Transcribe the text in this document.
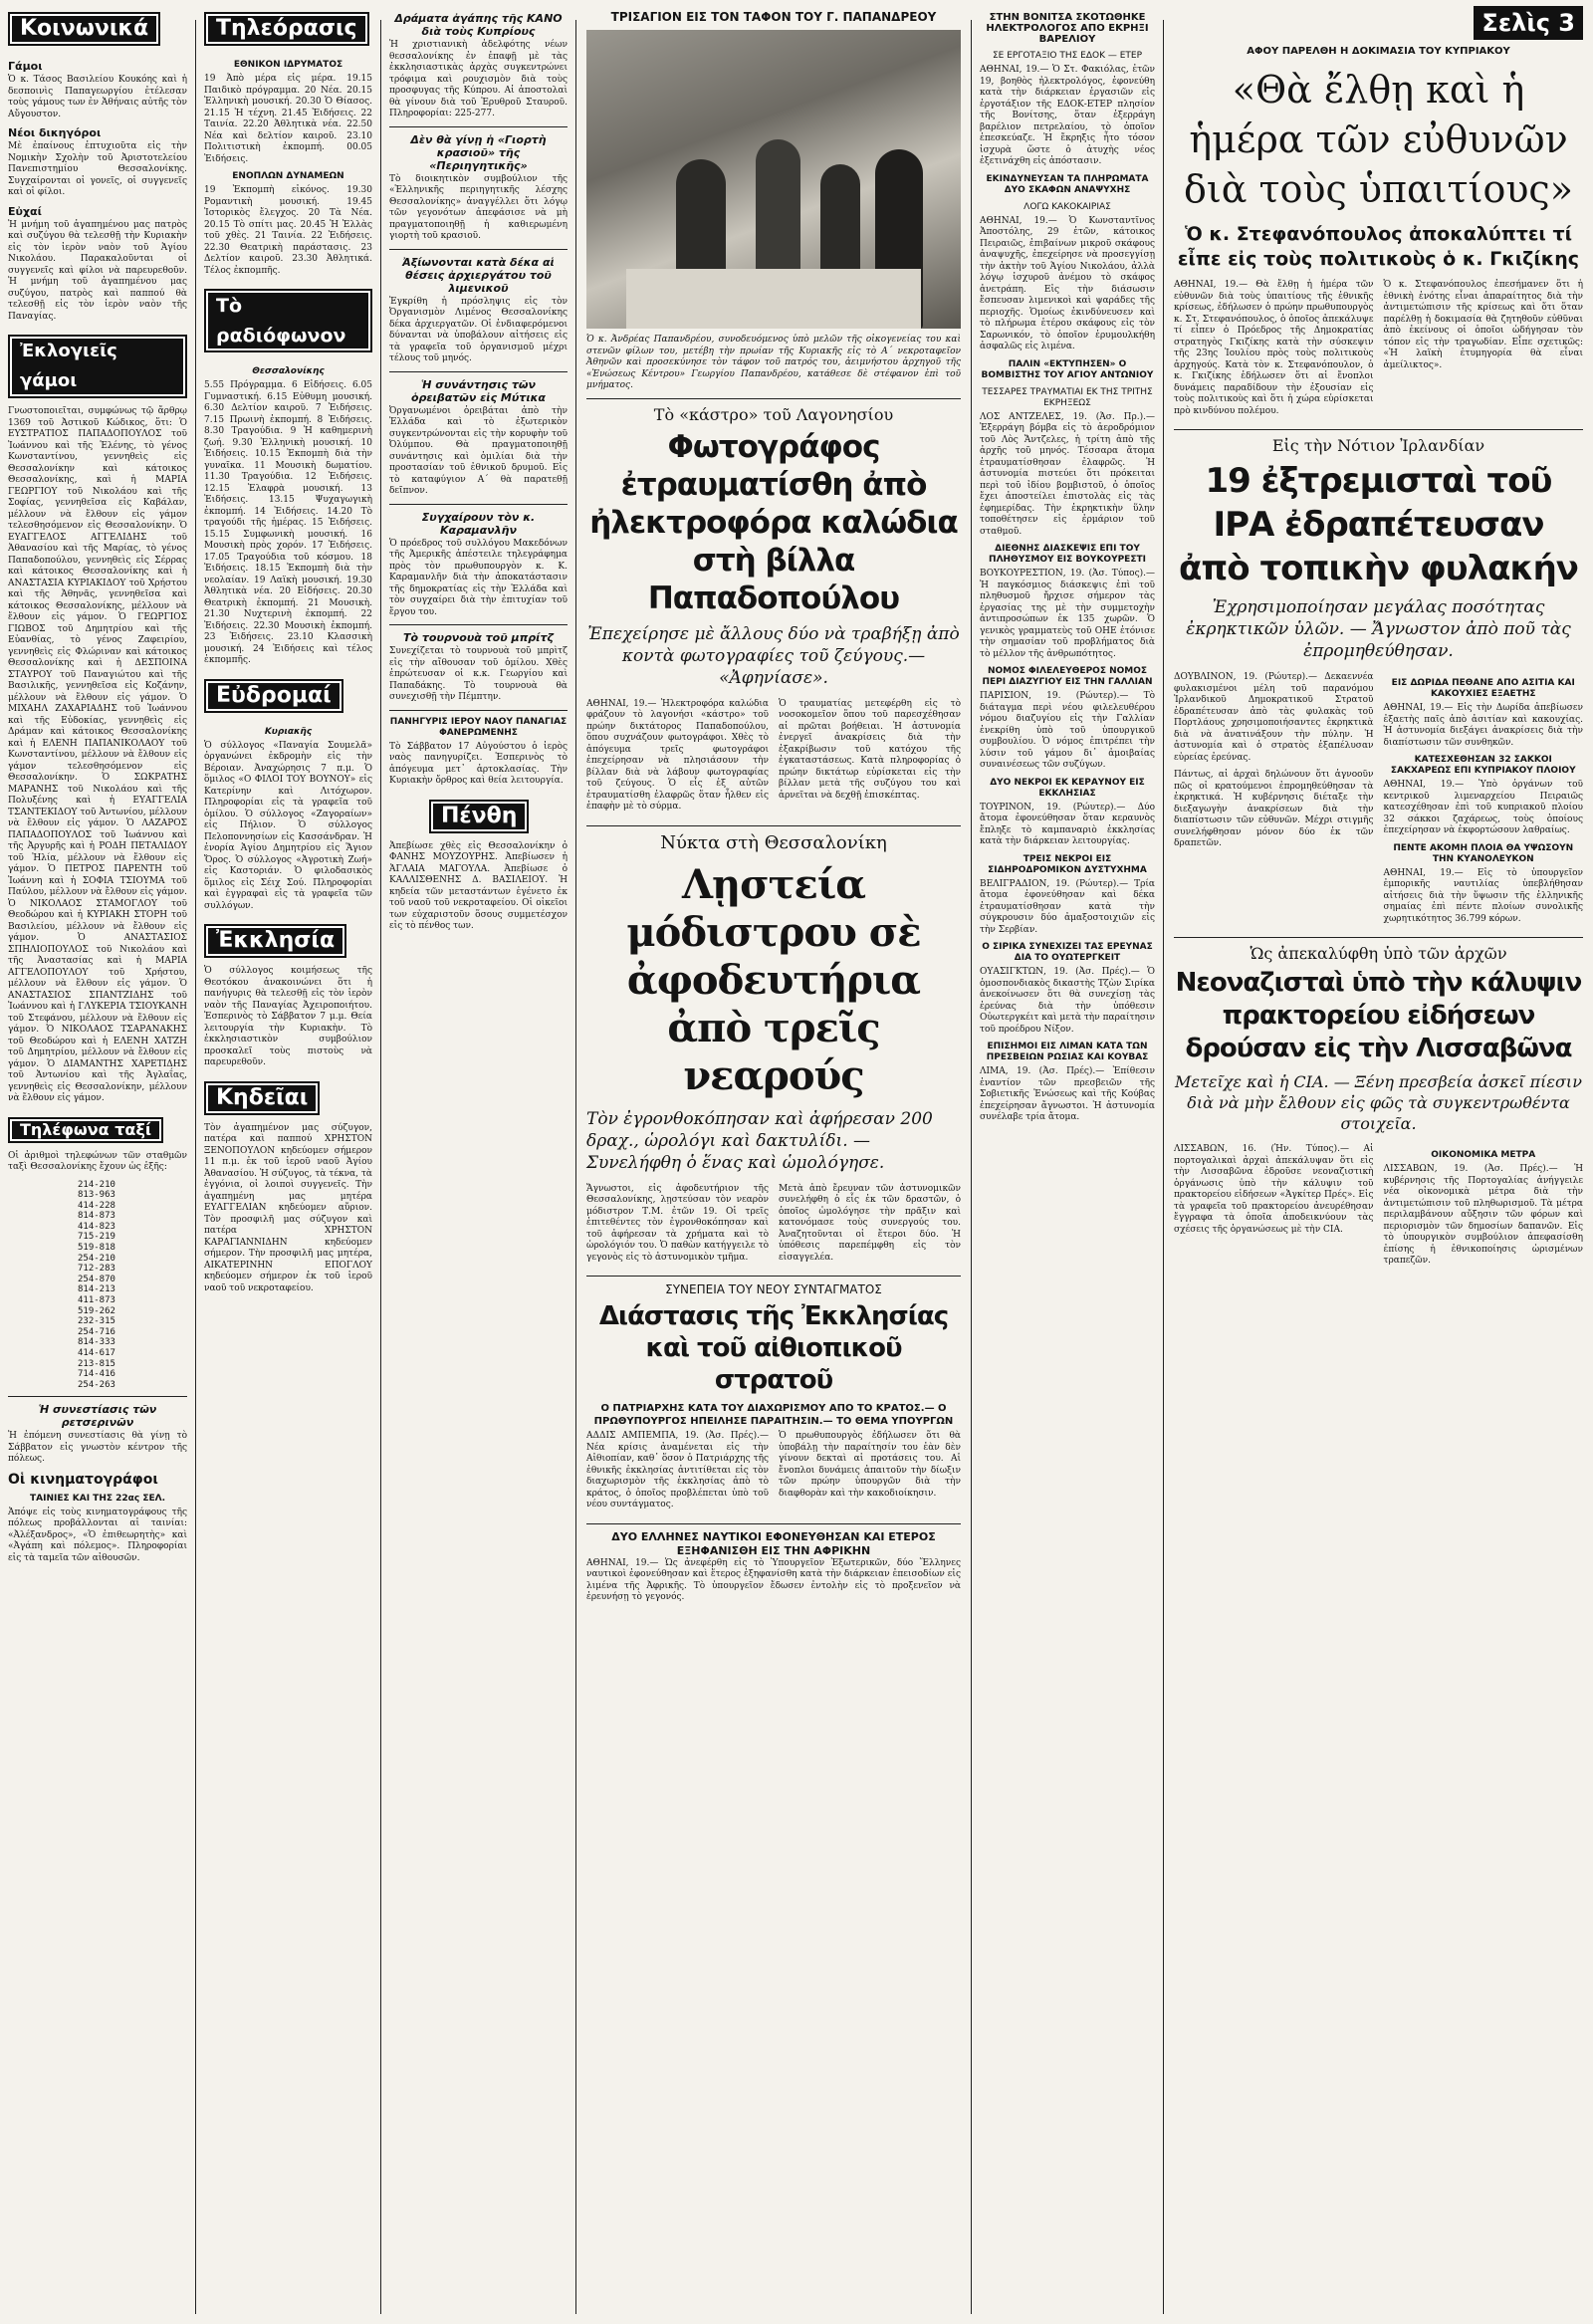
Κοινωνικά
Γάμοι

Ὁ κ. Τάσος Βασιλείου Κουκόης καὶ ἡ δεσποινὶς Παπαγεωργίου ἐτέλεσαν τοὺς γάμους των ἐν Ἀθήναις αὐτῆς τὸν Αὔγουστον.

Νέοι δικηγόροι

Μὲ ἐπαίνους ἐπτυχιοῦτα εἰς τὴν Νομικὴν Σχολὴν τοῦ Ἀριστοτελείου Πανεπιστημίου Θεσσαλονίκης. Συγχαίρονται οἱ γονεῖς, οἱ συγγενεῖς καὶ οἱ φίλοι.

Εὐχαί

Ἡ μνήμη τοῦ ἀγαπημένου μας πατρὸς καὶ συζύγου θὰ τελεσθῇ τὴν Κυριακὴν εἰς τὸν ἱερὸν ναὸν τοῦ Ἁγίου Νικολάου. Παρακαλοῦνται οἱ συγγενεῖς καὶ φίλοι νὰ παρευρεθοῦν. Ἡ μνήμη τοῦ ἀγαπημένου μας συζύγου, πατρὸς καὶ παππού θὰ τελεσθῇ εἰς τὸν ἱερὸν ναὸν τῆς Παναγίας.

Ἐκλογιεῖς γάμοι

Γνωστοποιεῖται, συμφώνως τῷ ἄρθρῳ 1369 τοῦ Ἀστικοῦ Κώδικος, ὅτι: Ὁ ΕΥΣΤΡΑΤΙΟΣ ΠΑΠΑΔΟΠΟΥΛΟΣ τοῦ Ἰωάννου καὶ τῆς Ἑλένης, τὸ γένος Κωνσταντίνου, γεννηθεὶς εἰς Θεσσαλονίκην καὶ κάτοικος Θεσσαλονίκης, καὶ ἡ ΜΑΡΙΑ ΓΕΩΡΓΙΟΥ τοῦ Νικολάου καὶ τῆς Σοφίας, γεννηθεῖσα εἰς Καβάλαν, μέλλουν νὰ ἔλθουν εἰς γάμον τελεσθησόμενον εἰς Θεσσαλονίκην. Ὁ ΕΥΑΓΓΕΛΟΣ ΑΓΓΕΛΙΔΗΣ τοῦ Ἀθανασίου καὶ τῆς Μαρίας, τὸ γένος Παπαδοπούλου, γεννηθεὶς εἰς Σέρρας καὶ κάτοικος Θεσσαλονίκης καὶ ἡ ΑΝΑΣΤΑΣΙΑ ΚΥΡΙΑΚΙΔΟΥ τοῦ Χρήστου καὶ τῆς Ἀθηνᾶς, γεννηθεῖσα καὶ κάτοικος Θεσσαλονίκης, μέλλουν νὰ ἔλθουν εἰς γάμον. Ὁ ΓΕΩΡΓΙΟΣ ΓΙΩΒΟΣ τοῦ Δημητρίου καὶ τῆς Εὐανθίας, τὸ γένος Ζαφειρίου, γεννηθεὶς εἰς Φλώριναν καὶ κάτοικος Θεσσαλονίκης καὶ ἡ ΔΕΣΠΟΙΝΑ ΣΤΑΥΡΟΥ τοῦ Παναγιώτου καὶ τῆς Βασιλικῆς, γεννηθεῖσα εἰς Κοζάνην, μέλλουν νὰ ἔλθουν εἰς γάμον. Ὁ ΜΙΧΑΗΛ ΖΑΧΑΡΙΑΔΗΣ τοῦ Ἰωάννου καὶ τῆς Εὐδοκίας, γεννηθεὶς εἰς Δράμαν καὶ κάτοικος Θεσσαλονίκης καὶ ἡ ΕΛΕΝΗ ΠΑΠΑΝΙΚΟΛΑΟΥ τοῦ Κωνσταντίνου, μέλλουν νὰ ἔλθουν εἰς γάμον τελεσθησόμενον εἰς Θεσσαλονίκην. Ὁ ΣΩΚΡΑΤΗΣ ΜΑΡΑΝΗΣ τοῦ Νικολάου καὶ τῆς Πολυξένης καὶ ἡ ΕΥΑΓΓΕΛΙΑ ΤΣΑΝΤΕΚΙΔΟΥ τοῦ Ἀντωνίου, μέλλουν νὰ ἔλθουν εἰς γάμον. Ὁ ΛΑΖΑΡΟΣ ΠΑΠΑΔΟΠΟΥΛΟΣ τοῦ Ἰωάννου καὶ τῆς Ἀργυρῆς καὶ ἡ ΡΟΔΗ ΠΕΤΑΛΙΔΟΥ τοῦ Ἠλία, μέλλουν νὰ ἔλθουν εἰς γάμον. Ὁ ΠΕΤΡΟΣ ΠΑΡΕΝΤΗ τοῦ Ἰωάννη καὶ ἡ ΣΟΦΙΑ ΤΣΙΟΥΜΑ τοῦ Παύλου, μέλλουν νὰ ἔλθουν εἰς γάμον. Ὁ ΝΙΚΟΛΑΟΣ ΣΤΑΜΟΓΛΟΥ τοῦ Θεοδώρου καὶ ἡ ΚΥΡΙΑΚΗ ΣΤΟΡΗ τοῦ Βασιλείου, μέλλουν νὰ ἔλθουν εἰς γάμον. Ὁ ΑΝΑΣΤΑΣΙΟΣ ΣΠΗΛΙΟΠΟΥΛΟΣ τοῦ Νικολάου καὶ τῆς Ἀναστασίας καὶ ἡ ΜΑΡΙΑ ΑΓΓΕΛΟΠΟΥΛΟΥ τοῦ Χρήστου, μέλλουν νὰ ἔλθουν εἰς γάμον. Ὁ ΑΝΑΣΤΑΣΙΟΣ ΣΠΑΝΤΖΙΔΗΣ τοῦ Ἰωάννου καὶ ἡ ΓΛΥΚΕΡΙΑ ΤΣΙΟΥΚΑΝΗ τοῦ Στεφάνου, μέλλουν νὰ ἔλθουν εἰς γάμον. Ὁ ΝΙΚΟΛΑΟΣ ΤΣΑΡΑΝΑΚΗΣ τοῦ Θεοδώρου καὶ ἡ ΕΛΕΝΗ ΧΑΤΖΗ τοῦ Δημητρίου, μέλλουν νὰ ἔλθουν εἰς γάμον. Ὁ ΔΙΑΜΑΝΤΗΣ ΧΑΡΕΤΙΔΗΣ τοῦ Ἀντωνίου καὶ τῆς Ἀγλαΐας, γεννηθεὶς εἰς Θεσσαλονίκην, μέλλουν νὰ ἔλθουν εἰς γάμον.

Τηλέφωνα ταξί

Οἱ ἀριθμοὶ τηλεφώνων τῶν σταθμῶν ταξὶ Θεσσαλονίκης ἔχουν ὡς ἑξῆς:

214-210
813-963
414-228
814-873
414-823
715-219
519-818
254-210
712-283
254-870
814-213
411-873
519-262
232-315
254-716
814-333
414-617
213-815
714-416
254-263
Ἡ συνεστίασις τῶν ρετσερινῶν

Ἡ ἐπόμενη συνεστίασις θὰ γίνῃ τὸ Σάββατον εἰς γνωστὸν κέντρον τῆς πόλεως.

Οἱ κινηματογράφοι
ΤΑΙΝΙΕΣ ΚΑΙ ΤΗΣ 22ας ΣΕΛ.

Ἀπόψε εἰς τοὺς κινηματογράφους τῆς πόλεως προβάλλονται αἱ ταινίαι: «Ἀλέξανδρος», «Ὁ ἐπιθεωρητὴς» καὶ «Ἀγάπη καὶ πόλεμος». Πληροφορίαι εἰς τὰ ταμεῖα τῶν αἰθουσῶν.

Τηλεόρασις
ΕΘΝΙΚΟΝ ΙΔΡΥΜΑΤΟΣ

19 Ἀπὸ μέρα εἰς μέρα. 19.15 Παιδικὸ πρόγραμμα. 20 Νέα. 20.15 Ἐλληνικὴ μουσική. 20.30 Ὁ Θίασος. 21.15 Ἡ τέχνη. 21.45 Ἐιδήσεις. 22 Ταινία. 22.20 Ἀθλητικὰ νέα. 22.50 Νέα καὶ δελτίον καιροῦ. 23.10 Πολιτιστικὴ ἐκπομπή. 00.05 Ἐιδήσεις.

ΕΝΟΠΛΩΝ ΔΥΝΑΜΕΩΝ

19 Ἐκπομπὴ εἰκόνος. 19.30 Ρομαντικὴ μουσική. 19.45 Ἰστορικὸς ἔλεγχος. 20 Τὰ Νέα. 20.15 Τὸ σπίτι μας. 20.45 Ἡ Ἑλλὰς τοῦ χθὲς. 21 Ταινία. 22 Ἐιδήσεις. 22.30 Θεατρικὴ παράστασις. 23 Δελτίον καιροῦ. 23.30 Ἀθλητικά. Τέλος ἐκπομπῆς.

Τὸ ραδιόφωνον
Θεσσαλονίκης

5.55 Πρόγραμμα. 6 Εἰδήσεις. 6.05 Γυμναστική. 6.15 Εὐθυμη μουσική. 6.30 Δελτίον καιροῦ. 7 Ἐιδήσεις. 7.15 Πρωινὴ ἐκπομπή. 8 Ἐιδήσεις. 8.30 Τραγούδια. 9 Ἡ καθημερινὴ ζωή. 9.30 Ἐλληνικὴ μουσική. 10 Ἐιδήσεις. 10.15 Ἐκπομπὴ διὰ τὴν γυναῖκα. 11 Μουσικὴ δωματίου. 11.30 Τραγούδια. 12 Ἐιδήσεις. 12.15 Ἐλαφρὰ μουσική. 13 Ἐιδήσεις. 13.15 Ψυχαγωγικὴ ἐκπομπή. 14 Ἐιδήσεις. 14.20 Τὸ τραγούδι τῆς ἡμέρας. 15 Ἐιδήσεις. 15.15 Συμφωνικὴ μουσική. 16 Μουσικὴ πρὸς χορόν. 17 Ἐιδήσεις. 17.05 Τραγούδια τοῦ κόσμου. 18 Ἐιδήσεις. 18.15 Ἐκπομπὴ διὰ τὴν νεολαίαν. 19 Λαϊκὴ μουσική. 19.30 Ἀθλητικὰ νέα. 20 Εἰδήσεις. 20.30 Θεατρικὴ ἐκπομπή. 21 Μουσικὴ. 21.30 Νυχτερινὴ ἐκπομπή. 22 Ἐιδήσεις. 22.30 Μουσικὴ ἐκπομπή. 23 Ἐιδήσεις. 23.10 Κλασσικὴ μουσική. 24 Ἐιδήσεις καὶ τέλος ἐκπομπῆς.

Εὐδρομαί
Κυριακῆς

Ὁ σύλλογος «Παναγία Σουμελᾶ» ὀργανώνει ἐκδρομὴν εἰς τὴν Βέροιαν. Ἀναχώρησις 7 π.μ. Ὁ ὅμιλος «Ο ΦΙΛΟΙ ΤΟΥ ΒΟΥΝΟΥ» εἰς Κατερίνην καὶ Λιτόχωρον. Πληροφορίαι εἰς τὰ γραφεῖα τοῦ ὁμίλου. Ὁ σύλλογος «Ζαγοραίων» εἰς Πήλιον. Ὁ σύλλογος Πελοποννησίων εἰς Κασσάνδραν. Ἡ ἐνορία Ἁγίου Δημητρίου εἰς Ἅγιον Ὄρος. Ὁ σύλλογος «Ἀγροτικὴ Ζωή» εἰς Καστοριάν. Ὁ φιλοδασικὸς ὅμιλος εἰς Σέιχ Σού. Πληροφορίαι καὶ ἐγγραφαὶ εἰς τὰ γραφεῖα τῶν συλλόγων.

Ἐκκλησία

Ὁ σύλλογος κοιμήσεως τῆς Θεοτόκου ἀνακοινώνει ὅτι ἡ πανήγυρις θὰ τελεσθῇ εἰς τὸν ἱερὸν ναὸν τῆς Παναγίας Ἀχειροποιήτου. Ἑσπερινὸς τὸ Σάββατον 7 μ.μ. Θεία λειτουργία τὴν Κυριακὴν. Τὸ ἐκκλησιαστικὸν συμβούλιον προσκαλεῖ τοὺς πιστοὺς νὰ παρευρεθοῦν.

Κηδεῖαι

Τὸν ἀγαπημένον μας σύζυγον, πατέρα καὶ παππού ΧΡΗΣΤΟΝ ΞΕΝΟΠΟΥΛΟΝ κηδεύομεν σήμερον 11 π.μ. ἐκ τοῦ ἱεροῦ ναοῦ Ἁγίου Ἀθανασίου. Ἡ σύζυγος, τὰ τέκνα, τὰ ἐγγόνια, οἱ λοιποὶ συγγενεῖς. Τὴν ἀγαπημένη μας μητέρα ΕΥΑΓΓΕΛΙΑΝ κηδεύομεν αὔριον. Τὸν προσφιλῆ μας σύζυγον καὶ πατέρα ΧΡΗΣΤΟΝ ΚΑΡΑΓΙΑΝΝΙΔΗΝ κηδεύομεν σήμερον. Τὴν προσφιλῆ μας μητέρα, ΑΙΚΑΤΕΡΙΝΗΝ ΕΠΟΓΛΟΥ κηδεύομεν σήμερον ἐκ τοῦ ἱεροῦ ναοῦ τοῦ νεκροταφείου.

Δράματα ἀγάπης τῆς ΚΑΝΟ διὰ τοὺς Κυπρίους

Ἡ χριστιανικὴ ἀδελφότης νέων θεσσαλονίκης ἐν ἐπαφῇ μὲ τὰς ἐκκλησιαστικὰς ἀρχὰς συγκεντρώνει τρόφιμα καὶ ρουχισμὸν διὰ τοὺς προσφυγας τῆς Κύπρου. Αἱ ἀποστολαὶ θὰ γίνουν διὰ τοῦ Ἐρυθροῦ Σταυροῦ. Πληροφορίαι: 225-277.

Δὲν θὰ γίνῃ ἡ «Γιορτὴ κρασιοῦ» τῆς «Περιηγητικῆς»

Τὸ διοικητικὸν συμβούλιον τῆς «Ἑλληνικῆς περιηγητικῆς λέσχης Θεσσαλονίκης» ἀναγγέλλει ὅτι λόγῳ τῶν γεγονότων ἀπεφάσισε νὰ μὴ πραγματοποιηθῇ ἡ καθιερωμένη γιορτὴ τοῦ κρασιοῦ.

Ἀξίωνονται κατὰ δέκα αἱ θέσεις ἀρχιεργάτου τοῦ λιμενικοῦ

Ἐγκρίθη ἡ πρόσληψις εἰς τὸν Ὀργανισμὸν Λιμένος Θεσσαλονίκης δέκα ἀρχιεργατῶν. Οἱ ἐνδιαφερόμενοι δύνανται νὰ ὑποβάλουν αἰτήσεις εἰς τὰ γραφεῖα τοῦ ὀργανισμοῦ μέχρι τέλους τοῦ μηνός.

Ἡ συνάντησις τῶν ὁρειβατῶν εἰς Μύτικα

Ὀργανωμένοι ὁρειβάται ἀπὸ τὴν Ἑλλάδα καὶ τὸ ἐξωτερικὸν συγκεντρώνονται εἰς τὴν κορυφὴν τοῦ Ὀλύμπου. Θὰ πραγματοποιηθῇ συνάντησις καὶ ὁμιλίαι διὰ τὴν προστασίαν τοῦ ἐθνικοῦ δρυμοῦ. Εἰς τὸ καταφύγιον Α΄ θὰ παρατεθῇ δεῖπνον.

Συγχαίρουν τὸν κ. Καραμανλῆν

Ὁ πρόεδρος τοῦ συλλόγου Μακεδόνων τῆς Ἀμερικῆς ἀπέστειλε τηλεγράφημα πρὸς τὸν πρωθυπουργὸν κ. Κ. Καραμανλῆν διὰ τὴν ἀποκατάστασιν τῆς δημοκρατίας εἰς τὴν Ἑλλάδα καὶ τὸν συγχαίρει διὰ τὴν ἐπιτυχίαν τοῦ ἔργου του.

Τὸ τουρνουὰ τοῦ μπρίτζ

Συνεχίζεται τὸ τουρνουὰ τοῦ μπρὶτζ εἰς τὴν αἴθουσαν τοῦ ὁμίλου. Χθὲς ἐπρώτευσαν οἱ κ.κ. Γεωργίου καὶ Παπαδάκης. Τὸ τουρνουὰ θὰ συνεχισθῇ τὴν Πέμπτην.

ΠΑΝΗΓΥΡΙΣ ΙΕΡΟΥ ΝΑΟΥ ΠΑΝΑΓΙΑΣ ΦΑΝΕΡΩΜΕΝΗΣ

Τὸ Σάββατον 17 Αὐγούστου ὁ ἱερὸς ναὸς πανηγυρίζει. Ἑσπερινὸς τὸ ἀπόγευμα μετ᾽ ἀρτοκλασίας. Τὴν Κυριακὴν ὄρθρος καὶ θεία λειτουργία.

Πένθη

Ἀπεβίωσε χθὲς εἰς Θεσσαλονίκην ὁ ΦΑΝΗΣ ΜΟΥΖΟΥΡΗΣ. Ἀπεβίωσεν ἡ ἈΓΛΑΙΑ ΜΑΓΟΥΛΑ. Ἀπεβίωσε ὁ ΚΑΛΛΙΣΘΕΝΗΣ Δ. ΒΑΣΙΛΕΙΟΥ. Ἡ κηδεία τῶν μεταστάντων ἐγένετο ἐκ τοῦ ναοῦ τοῦ νεκροταφείου. Οἱ οἰκεῖοι των εὐχαριστοῦν ὅσους συμμετέσχον εἰς τὸ πένθος των.

ΤΡΙΣΑΓΙΟΝ ΕΙΣ ΤΟΝ ΤΑΦΟΝ ΤΟΥ Γ. ΠΑΠΑΝΔΡΕΟΥ

Ὁ κ. Ἀνδρέας Παπανδρέου, συνοδευόμενος ὑπὸ μελῶν τῆς οἰκογενείας του καὶ στενῶν φίλων του, μετέβη τὴν πρωίαν τῆς Κυριακῆς εἰς τὸ Α΄ νεκροταφεῖον Ἀθηνῶν καὶ προσεκύνησε τὸν τάφον τοῦ πατρός του, ἀειμνήστου ἀρχηγοῦ τῆς «Ἑνώσεως Κέντρου» Γεωργίου Παπανδρέου, κατάθεσε δὲ στέφανον ἐπὶ τοῦ μνήματος.

Τὸ «κάστρο» τοῦ Λαγονησίου
Φωτογράφος ἐτραυματίσθη ἀπὸ ἠλεκτροφόρα καλώδια στὴ βίλλα Παπαδοπούλου
Ἐπεχείρησε μὲ ἄλλους δύο νὰ τραβήξῃ ἀπὸ κοντὰ φωτογραφίες τοῦ ζεύγους.— «Ἀφηνίασε».

ΑΘΗΝΑΙ, 19.— Ἠλεκτροφόρα καλώδια φράζουν τὸ λαγονήσι «κάστρο» τοῦ πρώην δικτάτορος Παπαδοπούλου, ὅπου συχνάζουν φωτογράφοι. Χθὲς τὸ ἀπόγευμα τρεῖς φωτογράφοι ἐπεχείρησαν νὰ πλησιάσουν τὴν βίλλαν διὰ νὰ λάβουν φωτογραφίας τοῦ ζεύγους. Ὁ εἷς ἐξ αὐτῶν ἐτραυματίσθη ἐλαφρῶς ὅταν ἦλθεν εἰς ἐπαφὴν μὲ τὸ σύρμα.

Ὁ τραυματίας μετεφέρθη εἰς τὸ νοσοκομεῖον ὅπου τοῦ παρεσχέθησαν αἱ πρῶται βοήθειαι. Ἡ ἀστυνομία ἐνεργεῖ ἀνακρίσεις διὰ τὴν ἐξακρίβωσιν τοῦ κατόχου τῆς ἐγκαταστάσεως. Κατὰ πληροφορίας ὁ πρώην δικτάτωρ εὑρίσκεται εἰς τὴν βίλλαν μετὰ τῆς συζύγου του καὶ ἀρνεῖται νὰ δεχθῇ ἐπισκέπτας.

Νύκτα στὴ Θεσσαλονίκη
Λῃστεία μόδιστρου σὲ ἀφοδευτήρια ἀπὸ τρεῖς νεαρούς
Τὸν ἐγρονθοκόπησαν καὶ ἀφήρεσαν 200 δραχ., ὡρολόγι καὶ δακτυλίδι. — Συνελήφθη ὁ ἕνας καὶ ὡμολόγησε.

Ἄγνωστοι, εἰς ἀφοδευτήριον τῆς Θεσσαλονίκης, λῃστεύσαν τὸν νεαρὸν μόδιστρον Τ.Μ. ἐτῶν 19. Οἱ τρεῖς ἐπιτεθέντες τὸν ἐγρονθοκόπησαν καὶ τοῦ ἀφήρεσαν τὰ χρήματα καὶ τὸ ὡρολόγιόν του. Ὁ παθὼν κατήγγειλε τὸ γεγονὸς εἰς τὸ ἀστυνομικὸν τμῆμα.

Μετὰ ἀπὸ ἔρευναν τῶν ἀστυνομικῶν συνελήφθη ὁ εἷς ἐκ τῶν δραστῶν, ὁ ὁποῖος ὡμολόγησε τὴν πρᾶξιν καὶ κατονόμασε τοὺς συνεργούς του. Ἀναζητοῦνται οἱ ἕτεροι δύο. Ἡ ὑπόθεσις παρεπέμφθη εἰς τὸν εἰσαγγελέα.

ΣΥΝΕΠΕΙΑ ΤΟΥ ΝΕΟΥ ΣΥΝΤΑΓΜΑΤΟΣ
Διάστασις τῆς Ἐκκλησίας καὶ τοῦ αἰθιοπικοῦ στρατοῦ
Ο ΠΑΤΡΙΑΡΧΗΣ ΚΑΤΑ ΤΟΥ ΔΙΑΧΩΡΙΣΜΟΥ ΑΠΟ ΤΟ ΚΡΑΤΟΣ.— Ο ΠΡΩΘΥΠΟΥΡΓΟΣ ΗΠΕΙΛΗΣΕ ΠΑΡΑΙΤΗΣΙΝ.— ΤΟ ΘΕΜΑ ΥΠΟΥΡΓΩΝ

ΑΔΔΙΣ ΑΜΠΕΜΠΑ, 19. (Ἀσ. Πρές).— Νέα κρίσις ἀναμένεται εἰς τὴν Αἰθιοπίαν, καθ᾽ ὅσον ὁ Πατριάρχης τῆς ἐθνικῆς ἐκκλησίας ἀντιτίθεται εἰς τὸν διαχωρισμὸν τῆς ἐκκλησίας ἀπὸ τὸ κράτος, ὁ ὁποῖος προβλέπεται ὑπὸ τοῦ νέου συντάγματος.

Ὁ πρωθυπουργὸς ἐδήλωσεν ὅτι θὰ ὑποβάλῃ τὴν παραίτησίν του ἐὰν δὲν γίνουν δεκταὶ αἱ προτάσεις του. Αἱ ἔνοπλοι δυνάμεις ἀπαιτοῦν τὴν δίωξιν τῶν πρώην ὑπουργῶν διὰ τὴν διαφθορὰν καὶ τὴν κακοδιοίκησιν.

ΔΥΟ ΕΛΛΗΝΕΣ ΝΑΥΤΙΚΟΙ ΕΦΟΝΕΥΘΗΣΑΝ ΚΑΙ ΕΤΕΡΟΣ ΕΞΗΦΑΝΙΣΘΗ ΕΙΣ ΤΗΝ ΑΦΡΙΚΗΝ

ΑΘΗΝΑΙ, 19.— Ὡς ἀνεφέρθη εἰς τὸ Ὑπουργεῖον Ἐξωτερικῶν, δύο Ἕλληνες ναυτικοὶ ἐφονεύθησαν καὶ ἕτερος ἐξηφανίσθη κατὰ τὴν διάρκειαν ἐπεισοδίων εἰς λιμένα τῆς Ἀφρικῆς. Τὸ ὑπουργεῖον ἔδωσεν ἐντολὴν εἰς τὸ προξενεῖον νὰ ἐρευνήσῃ τὸ γεγονός.

ΣΤΗΝ ΒΟΝΙΤΣΑ ΣΚΟΤΩΘΗΚΕ ΗΛΕΚΤΡΟΛΟΓΟΣ ΑΠΟ ΕΚΡΗΞΙ ΒΑΡΕΛΙΟΥ
ΣΕ ΕΡΓΟΤΑΞΙΟ ΤΗΣ ΕΔΟΚ — ΕΤΕΡ

ΑΘΗΝΑΙ, 19.— Ὁ Στ. Φακιόλας, ἐτῶν 19, βοηθὸς ἠλεκτρολόγος, ἐφονεύθη κατὰ τὴν διάρκειαν ἐργασιῶν εἰς ἐργοτάξιον τῆς ΕΔΟΚ-ΕΤΕΡ πλησίον τῆς Βονίτσης, ὅταν ἐξερράγη βαρέλιον πετρελαίου, τὸ ὁποῖον ἐπεσκεύαζε. Ἡ ἔκρηξις ἦτο τόσον ἰσχυρὰ ὥστε ὁ ἀτυχὴς νέος ἐξετινάχθη εἰς ἀπόστασιν.

ΕΚΙΝΔΥΝΕΥΣΑΝ ΤΑ ΠΛΗΡΩΜΑΤΑ ΔΥΟ ΣΚΑΦΩΝ ΑΝΑΨΥΧΗΣ
ΛΟΓΩ ΚΑΚΟΚΑΙΡΙΑΣ

ΑΘΗΝΑΙ, 19.— Ὁ Κωνσταντῖνος Ἀποστόλης, 29 ἐτῶν, κάτοικος Πειραιῶς, ἐπιβαίνων μικροῦ σκάφους ἀναψυχῆς, ἐπεχείρησε νὰ προσεγγίσῃ τὴν ἀκτὴν τοῦ Ἁγίου Νικολάου, ἀλλὰ λόγῳ ἰσχυροῦ ἀνέμου τὸ σκάφος ἀνετράπη. Εἰς τὴν διάσωσιν ἔσπευσαν λιμενικοὶ καὶ ψαράδες τῆς περιοχῆς. Ὁμοίως ἐκινδύνευσεν καὶ τὸ πλήρωμα ἑτέρου σκάφους εἰς τὸν Σαρωνικόν, τὸ ὁποῖον ἐρυμουλκήθη ἀσφαλῶς εἰς λιμένα.

ΠΑΛΙΝ «ΕΚΤΥΠΗΣΕΝ» Ο ΒΟΜΒΙΣΤΗΣ ΤΟΥ ΑΓΙΟΥ ΑΝΤΩΝΙΟΥ
ΤΕΣΣΑΡΕΣ ΤΡΑΥΜΑΤΙΑΙ ΕΚ ΤΗΣ ΤΡΙΤΗΣ ΕΚΡΗΞΕΩΣ

ΛΟΣ ΑΝΤΖΕΛΕΣ, 19. (Ἀσ. Πρ.).— Ἐξερράγη βόμβα εἰς τὸ ἀεροδρόμιον τοῦ Λὸς Ἄντζελες, ἡ τρίτη ἀπὸ τῆς ἀρχῆς τοῦ μηνός. Τέσσαρα ἄτομα ἐτραυματίσθησαν ἐλαφρῶς. Ἡ ἀστυνομία πιστεύει ὅτι πρόκειται περὶ τοῦ ἰδίου βομβιστοῦ, ὁ ὁποῖος ἔχει ἀποστείλει ἐπιστολὰς εἰς τὰς ἐφημερίδας. Τὴν ἐκρηκτικὴν ὕλην τοποθέτησεν εἰς ἐρμάριον τοῦ σταθμοῦ.

ΔΙΕΘΝΗΣ ΔΙΑΣΚΕΨΙΣ ΕΠΙ ΤΟΥ ΠΛΗΘΥΣΜΟΥ ΕΙΣ ΒΟΥΚΟΥΡΕΣΤΙ

ΒΟΥΚΟΥΡΕΣΤΙΟΝ, 19. (Ἀσ. Τύπος).— Ἡ παγκόσμιος διάσκεψις ἐπὶ τοῦ πληθυσμοῦ ἤρχισε σήμερον τὰς ἐργασίας της μὲ τὴν συμμετοχὴν ἀντιπροσώπων ἐκ 135 χωρῶν. Ὁ γενικὸς γραμματεὺς τοῦ ΟΗΕ ἐτόνισε τὴν σημασίαν τοῦ προβλήματος διὰ τὸ μέλλον τῆς ἀνθρωπότητος.

ΝΟΜΟΣ ΦΙΛΕΛΕΥΘΕΡΟΣ ΝΟΜΟΣ ΠΕΡΙ ΔΙΑΖΥΓΙΟΥ ΕΙΣ ΤΗΝ ΓΑΛΛΙΑΝ

ΠΑΡΙΣΙΟΝ, 19. (Ρώυτερ).— Τὸ διάταγμα περὶ νέου φιλελευθέρου νόμου διαζυγίου εἰς τὴν Γαλλίαν ἐνεκρίθη ὑπὸ τοῦ ὑπουργικοῦ συμβουλίου. Ὁ νόμος ἐπιτρέπει τὴν λύσιν τοῦ γάμου δι᾽ ἀμοιβαίας συναινέσεως τῶν συζύγων.

ΔΥΟ ΝΕΚΡΟΙ ΕΚ ΚΕΡΑΥΝΟΥ ΕΙΣ ΕΚΚΛΗΣΙΑΣ

ΤΟΥΡΙΝΟΝ, 19. (Ρώυτερ).— Δύο ἄτομα ἐφονεύθησαν ὅταν κεραυνὸς ἔπληξε τὸ καμπαναριὸ ἐκκλησίας κατὰ τὴν διάρκειαν λειτουργίας.

ΤΡΕΙΣ ΝΕΚΡΟΙ ΕΙΣ ΣΙΔΗΡΟΔΡΟΜΙΚΟΝ ΔΥΣΤΥΧΗΜΑ

ΒΕΛΙΓΡΑΔΙΟΝ, 19. (Ρώυτερ).— Τρία ἄτομα ἐφονεύθησαν καὶ δέκα ἐτραυματίσθησαν κατὰ τὴν σύγκρουσιν δύο ἀμαξοστοιχιῶν εἰς τὴν Σερβίαν.

Ο ΣΙΡΙΚΑ ΣΥΝΕΧΙΖΕΙ ΤΑΣ ΕΡΕΥΝΑΣ ΔΙΑ ΤΟ ΟΥΩΤΕΡΓΚΕΙΤ

ΟΥΑΣΙΓΚΤΩΝ, 19. (Ἀσ. Πρές).— Ὁ ὁμοσπονδιακὸς δικαστὴς Τζὼν Σιρίκα ἀνεκοίνωσεν ὅτι θὰ συνεχίσῃ τὰς ἐρεύνας διὰ τὴν ὑπόθεσιν Οὐωτεργκέιτ καὶ μετὰ τὴν παραίτησιν τοῦ προέδρου Νίξον.

ΕΠΙΣΗΜΟΙ ΕΙΣ ΛΙΜΑΝ ΚΑΤΑ ΤΩΝ ΠΡΕΣΒΕΙΩΝ ΡΩΣΙΑΣ ΚΑΙ ΚΟΥΒΑΣ

ΛΙΜΑ, 19. (Ἀσ. Πρές).— Ἐπίθεσιν ἐναντίον τῶν πρεσβειῶν τῆς Σοβιετικῆς Ἑνώσεως καὶ τῆς Κούβας ἐπεχείρησαν ἄγνωστοι. Ἡ ἀστυνομία συνέλαβε τρία ἄτομα.

Σελὶς 3
ΑΦΟΥ ΠΑΡΕΛΘΗ Η ΔΟΚΙΜΑΣΙΑ ΤΟΥ ΚΥΠΡΙΑΚΟΥ
«Θὰ ἔλθῃ καὶ ἡ ἡμέρα τῶν εὐθυνῶν διὰ τοὺς ὑπαιτίους»
Ὁ κ. Στεφανόπουλος ἀποκαλύπτει τί εἶπε εἰς τοὺς πολιτικοὺς ὁ κ. Γκιζίκης

ΑΘΗΝΑΙ, 19.— Θὰ ἔλθῃ ἡ ἡμέρα τῶν εὐθυνῶν διὰ τοὺς ὑπαιτίους τῆς ἐθνικῆς κρίσεως, ἐδήλωσεν ὁ πρώην πρωθυπουργὸς κ. Στ. Στεφανόπουλος, ὁ ὁποῖος ἀπεκάλυψε τί εἶπεν ὁ Πρόεδρος τῆς Δημοκρατίας στρατηγὸς Γκιζίκης κατὰ τὴν σύσκεψιν τῆς 23ης Ἰουλίου πρὸς τοὺς πολιτικοὺς ἀρχηγούς. Κατὰ τὸν κ. Στεφανόπουλον, ὁ κ. Γκιζίκης ἐδήλωσεν ὅτι αἱ ἔνοπλοι δυνάμεις παραδίδουν τὴν ἐξουσίαν εἰς τοὺς πολιτικοὺς καὶ ὅτι ἡ χώρα εὑρίσκεται πρὸ κινδύνου πολέμου.

Ὁ κ. Στεφανόπουλος ἐπεσήμανεν ὅτι ἡ ἐθνικὴ ἑνότης εἶναι ἀπαραίτητος διὰ τὴν ἀντιμετώπισιν τῆς κρίσεως καὶ ὅτι ὅταν παρέλθῃ ἡ δοκιμασία θὰ ζητηθοῦν εὐθῦναι ἀπὸ ἐκείνους οἱ ὁποῖοι ὡδήγησαν τὸν τόπον εἰς τὴν τραγωδίαν. Εἶπε σχετικῶς: «Ἡ λαϊκὴ ἐτυμηγορία θὰ εἶναι ἀμείλικτος».

Εἰς τὴν Νότιον Ἰρλανδίαν
19 ἐξτρεμισταὶ τοῦ ΙΡΑ ἐδραπέτευσαν ἀπὸ τοπικὴν φυλακήν
Ἐχρησιμοποίησαν μεγάλας ποσότητας ἐκρηκτικῶν ὑλῶν. — Ἄγνωστον ἀπὸ ποῦ τὰς ἐπρομηθεύθησαν.

ΔΟΥΒΛΙΝΟΝ, 19. (Ρώυτερ).— Δεκαεννέα φυλακισμένοι μέλη τοῦ παρανόμου Ἰρλανδικοῦ Δημοκρατικοῦ Στρατοῦ ἐδραπέτευσαν ἀπὸ τὰς φυλακὰς τοῦ Πορτλάους χρησιμοποιήσαντες ἐκρηκτικὰ διὰ νὰ ἀνατινάξουν τὴν πύλην. Ἡ ἀστυνομία καὶ ὁ στρατὸς ἐξαπέλυσαν εὐρείας ἐρεύνας.

Πάντως, αἱ ἀρχαὶ δηλώνουν ὅτι ἀγνοοῦν πῶς οἱ κρατούμενοι ἐπρομηθεύθησαν τὰ ἐκρηκτικά. Ἡ κυβέρνησις διέταξε τὴν διεξαγωγὴν ἀνακρίσεων διὰ τὴν διαπίστωσιν τῶν εὐθυνῶν. Μέχρι στιγμῆς συνελήφθησαν μόνον δύο ἐκ τῶν δραπετῶν.

ΕΙΣ ΔΩΡΙΔΑ ΠΕΘΑΝΕ ΑΠΟ ΑΣΙΤΙΑ ΚΑΙ ΚΑΚΟΥΧΙΕΣ ΕΞΑΕΤΗΣ

ΑΘΗΝΑΙ, 19.— Εἰς τὴν Δωρίδα ἀπεβίωσεν ἐξαετὴς παῖς ἀπὸ ἀσιτίαν καὶ κακουχίας. Ἡ ἀστυνομία διεξάγει ἀνακρίσεις διὰ τὴν διαπίστωσιν τῶν συνθηκῶν.

ΚΑΤΕΣΧΕΘΗΣΑΝ 32 ΣΑΚΚΟΙ ΣΑΚΧΑΡΕΩΣ ΕΠΙ ΚΥΠΡΙΑΚΟΥ ΠΛΟΙΟΥ

ΑΘΗΝΑΙ, 19.— Ὑπὸ ὀργάνων τοῦ κεντρικοῦ λιμεναρχείου Πειραιῶς κατεσχέθησαν ἐπὶ τοῦ κυπριακοῦ πλοίου 32 σάκκοι ζαχάρεως, τοὺς ὁποίους ἐπεχείρησαν νὰ ἐκφορτώσουν λαθραίως.

ΠΕΝΤΕ ΑΚΟΜΗ ΠΛΟΙΑ ΘΑ ΥΨΩΣΟΥΝ ΤΗΝ ΚΥΑΝΟΛΕΥΚΟΝ

ΑΘΗΝΑΙ, 19.— Εἰς τὸ ὑπουργεῖον ἐμπορικῆς ναυτιλίας ὑπεβλήθησαν αἰτήσεις διὰ τὴν ὕψωσιν τῆς ἑλληνικῆς σημαίας ἐπὶ πέντε πλοίων συνολικῆς χωρητικότητος 36.799 κόρων.

Ὡς ἀπεκαλύφθη ὑπὸ τῶν ἀρχῶν
Νεοναζισταὶ ὑπὸ τὴν κάλυψιν πρακτορείου εἰδήσεων δρούσαν εἰς τὴν Λισσαβῶνα
Μετεῖχε καὶ ἡ CIA. — Ξένη πρεσβεία ἀσκεῖ πίεσιν διὰ νὰ μὴν ἔλθουν εἰς φῶς τὰ συγκεντρωθέντα στοιχεῖα.

ΛΙΣΣΑΒΩΝ, 16. (Ἡν. Τύπος).— Αἱ πορτογαλικαὶ ἀρχαὶ ἀπεκάλυψαν ὅτι εἰς τὴν Λισσαβῶνα ἐδροῦσε νεοναζιστικὴ ὀργάνωσις ὑπὸ τὴν κάλυψιν τοῦ πρακτορείου εἰδήσεων «Ἀγκίτερ Πρές». Εἰς τὰ γραφεῖα τοῦ πρακτορείου ἀνευρέθησαν ἔγγραφα τὰ ὁποῖα ἀποδεικνύουν τὰς σχέσεις τῆς ὀργανώσεως μὲ τὴν CIA.

ΟΙΚΟΝΟΜΙΚΑ ΜΕΤΡΑ

ΛΙΣΣΑΒΩΝ, 19. (Ἀσ. Πρές).— Ἡ κυβέρνησις τῆς Πορτογαλίας ἀνήγγειλε νέα οἰκονομικὰ μέτρα διὰ τὴν ἀντιμετώπισιν τοῦ πληθωρισμοῦ. Τὰ μέτρα περιλαμβάνουν αὔξησιν τῶν φόρων καὶ περιορισμὸν τῶν δημοσίων δαπανῶν. Εἰς τὸ ὑπουργικὸν συμβούλιον ἀπεφασίσθη ἐπίσης ἡ ἐθνικοποίησις ὡρισμένων τραπεζῶν.
